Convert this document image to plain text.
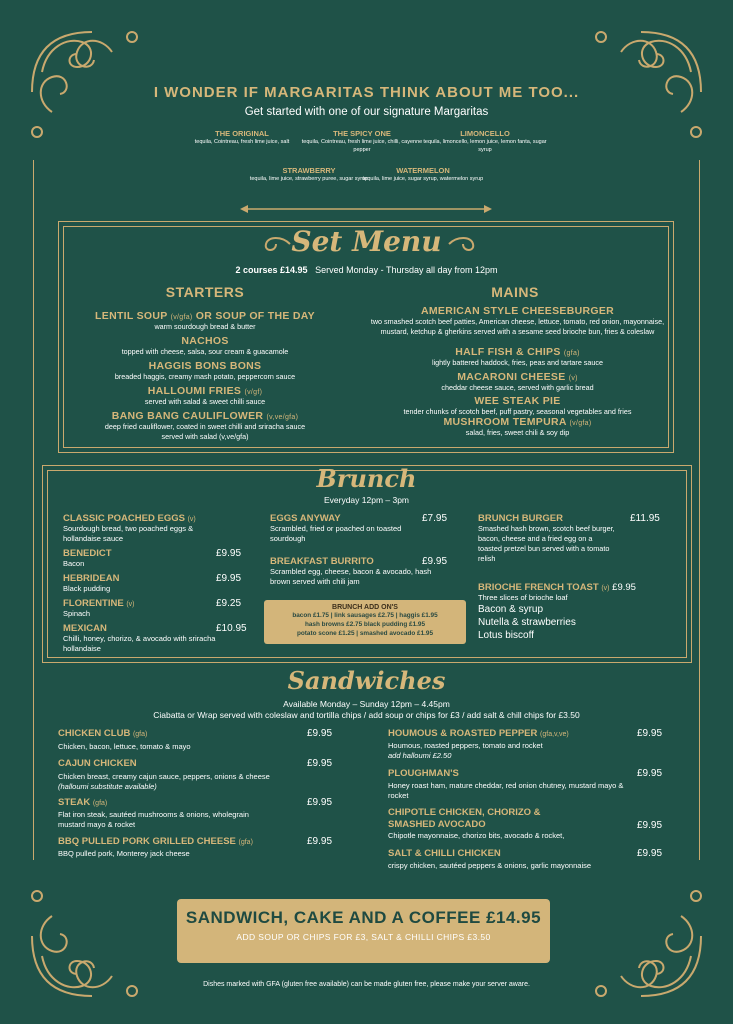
I WONDER IF MARGARITAS THINK ABOUT ME TOO...
Get started with one of our signature Margaritas
THE ORIGINAL
tequila, Cointreau, fresh lime juice, salt
THE SPICY ONE
tequila, Cointreau, fresh lime juice, chilli, cayenne pepper
LIMONCELLO
tequila, limoncello, lemon juice, lemon fanta, sugar syrup
STRAWBERRY
tequila, lime juice, strawberry puree, sugar syrup
WATERMELON
tequila, lime juice, sugar syrup, watermelon syrup
Set Menu
2 courses £14.95 Served Monday - Thursday all day from 12pm
STARTERS	MAINS
LENTIL SOUP (v/gfa) OR SOUP OF THE DAY
warm sourdough bread & butter
NACHOS
topped with cheese, salsa, sour cream & guacamole
HAGGIS BONS BONS
breaded haggis, creamy mash potato, peppercorn sauce
HALLOUMI FRIES (v/gf)
served with salad & sweet chilli sauce
BANG BANG CAULIFLOWER (v,ve/gfa)
deep fried cauliflower, coated in sweet chilli and sriracha sauce served with salad (v,ve/gfa)
AMERICAN STYLE CHEESEBURGER
two smashed scotch beef patties, American cheese, lettuce, tomato, red onion, mayonnaise, mustard, ketchup & gherkins served with a sesame seed brioche bun, fries & coleslaw
HALF FISH & CHIPS (gfa)
lightly battered haddock, fries, peas and tartare sauce
MACARONI CHEESE (v)
cheddar cheese sauce, served with garlic bread
WEE STEAK PIE
tender chunks of scotch beef, puff pastry, seasonal vegetables and fries
MUSHROOM TEMPURA (v/gfa)
salad, fries, sweet chili & soy dip
Brunch
Everyday 12pm – 3pm
CLASSIC POACHED EGGS (v)
Sourdough bread, two poached eggs & hollandaise sauce
BENEDICT
Bacon
£9.95
HEBRIDEAN
Black pudding
£9.95
FLORENTINE (v)
Spinach
£9.25
MEXICAN
Chilli, honey, chorizo, & avocado with sriracha hollandaise
£10.95
EGGS ANYWAY
Scrambled, fried or poached on toasted sourdough
£7.95
BREAKFAST BURRITO
Scrambled egg, cheese, bacon & avocado, hash brown served with chili jam
£9.95
BRUNCH ADD ON'S
bacon £1.75 | link sausages £2.75 | haggis £1.95
hash browns £2.75 black pudding £1.95
potato scone £1.25 | smashed avocado £1.95
BRUNCH BURGER
Smashed hash brown, scotch beef burger, bacon, cheese and a fried egg on a toasted pretzel bun served with a tomato relish
£11.95
BRIOCHE FRENCH TOAST (v) £9.95
Three slices of brioche loaf
Bacon & syrup
Nutella & strawberries
Lotus biscoff
Sandwiches
Available Monday – Sunday 12pm – 4.45pm
Ciabatta or Wrap served with coleslaw and tortilla chips / add soup or chips for £3 / add salt & chill chips for £3.50
CHICKEN CLUB (gfa)
Chicken, bacon, lettuce, tomato & mayo
£9.95
CAJUN CHICKEN
Chicken breast, creamy cajun sauce, peppers, onions & cheese
(halloumi substitute available)
£9.95
STEAK (gfa)
Flat iron steak, sautéed mushrooms & onions, wholegrain mustard mayo & rocket
£9.95
BBQ PULLED PORK GRILLED CHEESE (gfa)
BBQ pulled pork, Monterey jack cheese
£9.95
HOUMOUS & ROASTED PEPPER (gfa,v,ve)
Houmous, roasted peppers, tomato and rocket
add halloumi £2.50
£9.95
PLOUGHMAN'S
Honey roast ham, mature cheddar, red onion chutney, mustard mayo & rocket
£9.95
CHIPOTLE CHICKEN, CHORIZO & SMASHED AVOCADO
Chipotle mayonnaise, chorizo bits, avocado & rocket,
£9.95
SALT & CHILLI CHICKEN
crispy chicken, sautéed peppers & onions, garlic mayonnaise
£9.95
SANDWICH, CAKE AND A COFFEE £14.95
ADD SOUP OR CHIPS FOR £3, SALT & CHILLI CHIPS £3.50
Dishes marked with GFA (gluten free available) can be made gluten free, please make your server aware.
